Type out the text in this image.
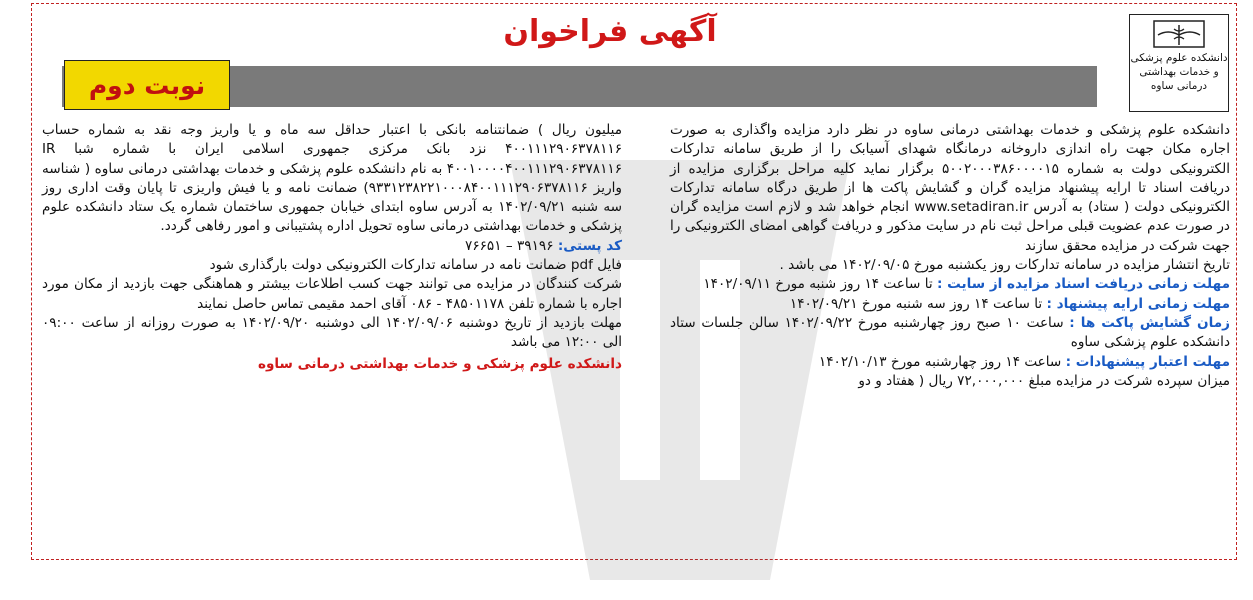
دانشکده علوم پزشکی
و خدمات بهداشتی
درمانی ساوه
آگهی فراخوان
نوبت دوم

دانشکده علوم پزشکی و خدمات بهداشتی درمانی ساوه در نظر دارد مزایده واگذاری به صورت اجاره مکان جهت راه اندازی داروخانه درمانگاه شهدای آسیابک را از طریق سامانه تدارکات الکترونیکی دولت به شماره ۵۰۰۲۰۰۰۳۸۶۰۰۰۰۱۵ برگزار نماید کلیه مراحل برگزاری مزایده از دریافت اسناد تا ارایه پیشنهاد مزایده گران و گشایش پاکت ها از طریق درگاه سامانه تدارکات الکترونیکی دولت ( ستاد) به آدرس www.setadiran.ir انجام خواهد شد و لازم است مزایده گران در صورت عدم عضویت قبلی مراحل ثبت نام در سایت مذکور و دریافت گواهی امضای الکترونیکی را جهت شرکت در مزایده محقق سازند

تاریخ انتشار مزایده در سامانه تدارکات روز یکشنبه مورخ ۱۴۰۲/۰۹/۰۵ می باشد .

مهلت زمانی دریافت اسناد مزایده از سایت : تا ساعت ۱۴ روز شنبه مورخ ۱۴۰۲/۰۹/۱۱

مهلت زمانی ارایه پیشنهاد : تا ساعت ۱۴ روز سه شنبه مورخ ۱۴۰۲/۰۹/۲۱

زمان گشایش پاکت ها : ساعت ۱۰ صبح روز چهارشنبه مورخ ۱۴۰۲/۰۹/۲۲ سالن جلسات ستاد دانشکده علوم پزشکی ساوه

مهلت اعتبار پیشنهادات : ساعت ۱۴ روز چهارشنبه مورخ ۱۴۰۲/۱۰/۱۳

میزان سپرده شرکت در مزایده مبلغ ۷۲,۰۰۰,۰۰۰ ریال ( هفتاد و دو

میلیون ریال ) ضمانتنامه بانکی با اعتبار حداقل سه ماه و یا واریز وجه نقد به شماره حساب ۴۰۰۱۱۱۲۹۰۶۳۷۸۱۱۶ نزد بانک مرکزی جمهوری اسلامی ایران با شماره شبا IR ۴۰۰۱۰۰۰۰۴۰۰۱۱۱۲۹۰۶۳۷۸۱۱۶ به نام دانشکده علوم پزشکی و خدمات بهداشتی درمانی ساوه ( شناسه واریز ۹۳۳۱۲۳۸۲۲۱۰۰۰۸۴۰۰۱۱۱۲۹۰۶۳۷۸۱۱۶) ضمانت نامه و یا فیش واریزی تا پایان وقت اداری روز سه شنبه ۱۴۰۲/۰۹/۲۱ به آدرس ساوه ابتدای خیابان جمهوری ساختمان شماره یک ستاد دانشکده علوم پزشکی و خدمات بهداشتی درمانی ساوه تحویل اداره پشتیبانی و امور رفاهی گردد.

کد پستی: ۳۹۱۹۶ – ۷۶۶۵۱

فایل pdf ضمانت نامه در سامانه تدارکات الکترونیکی دولت بارگذاری شود

شرکت کنندگان در مزایده می توانند جهت کسب اطلاعات بیشتر و هماهنگی جهت بازدید از مکان مورد اجاره با شماره تلفن ۴۸۵۰۱۱۷۸ - ۰۸۶ آقای احمد مقیمی تماس حاصل نمایند

مهلت بازدید از تاریخ دوشنبه ۱۴۰۲/۰۹/۰۶ الی دوشنبه ۱۴۰۲/۰۹/۲۰ به صورت روزانه از ساعت ۰۹:۰۰ الی ۱۲:۰۰ می باشد

دانشکده علوم پزشکی و خدمات بهداشتی درمانی ساوه
